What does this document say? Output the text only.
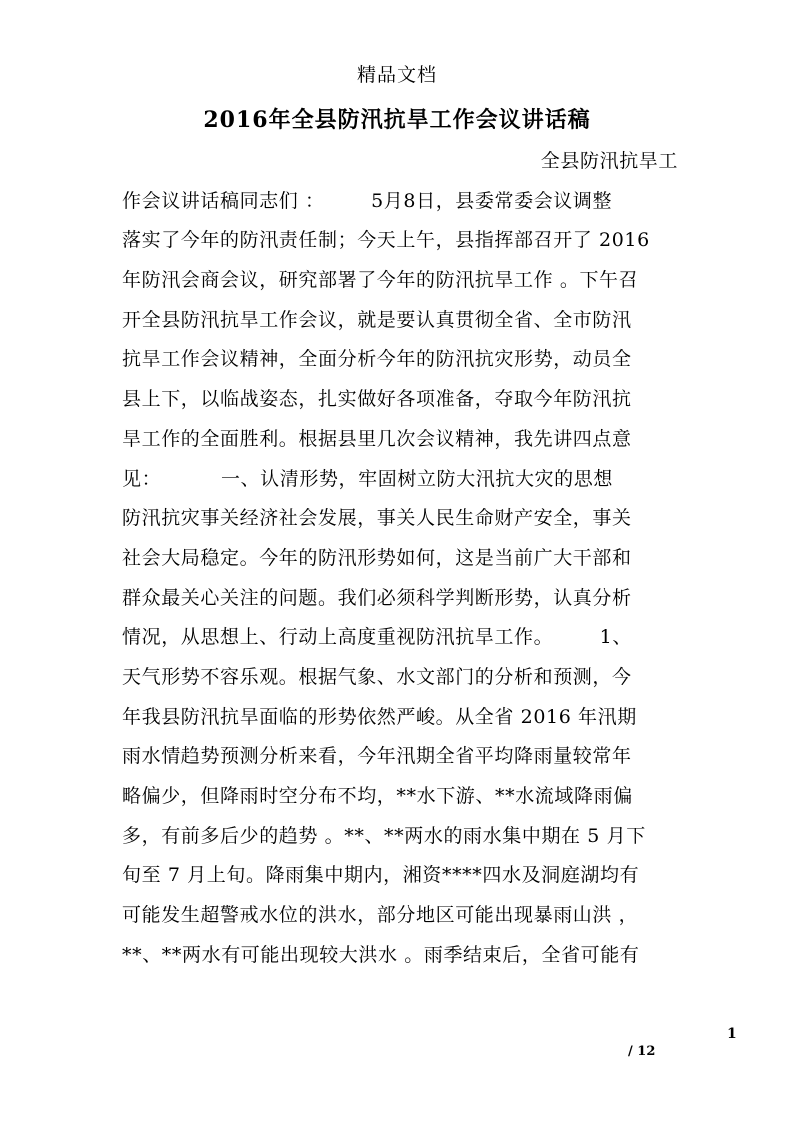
精品文档
2016年全县防汛抗旱工作会议讲话稿
全县防汛抗旱工
作会议讲话稿同志们 ：       5月8日，县委常委会议调整
落实了今年的防汛责任制；今天上午，县指挥部召开了 2016
年防汛会商会议，研究部署了今年的防汛抗旱工作 。下午召
开全县防汛抗旱工作会议，就是要认真贯彻全省、全市防汛
抗旱工作会议精神，全面分析今年的防汛抗灾形势，动员全
县上下，以临战姿态，扎实做好各项准备，夺取今年防汛抗
旱工作的全面胜利。根据县里几次会议精神，我先讲四点意
见：         一、认清形势，牢固树立防大汛抗大灾的思想
防汛抗灾事关经济社会发展，事关人民生命财产安全，事关
社会大局稳定。今年的防汛形势如何，这是当前广大干部和
群众最关心关注的问题。我们必须科学判断形势，认真分析
情况，从思想上、行动上高度重视防汛抗旱工作。       1、
天气形势不容乐观。根据气象、水文部门的分析和预测，今
年我县防汛抗旱面临的形势依然严峻。从全省 2016 年汛期
雨水情趋势预测分析来看，今年汛期全省平均降雨量较常年
略偏少，但降雨时空分布不均，**水下游、**水流域降雨偏
多，有前多后少的趋势 。**、**两水的雨水集中期在 5 月下
旬至 7 月上旬。降雨集中期内，湘资****四水及洞庭湖均有
可能发生超警戒水位的洪水，部分地区可能出现暴雨山洪 ，
**、**两水有可能出现较大洪水 。雨季结束后，全省可能有
1
/ 12
